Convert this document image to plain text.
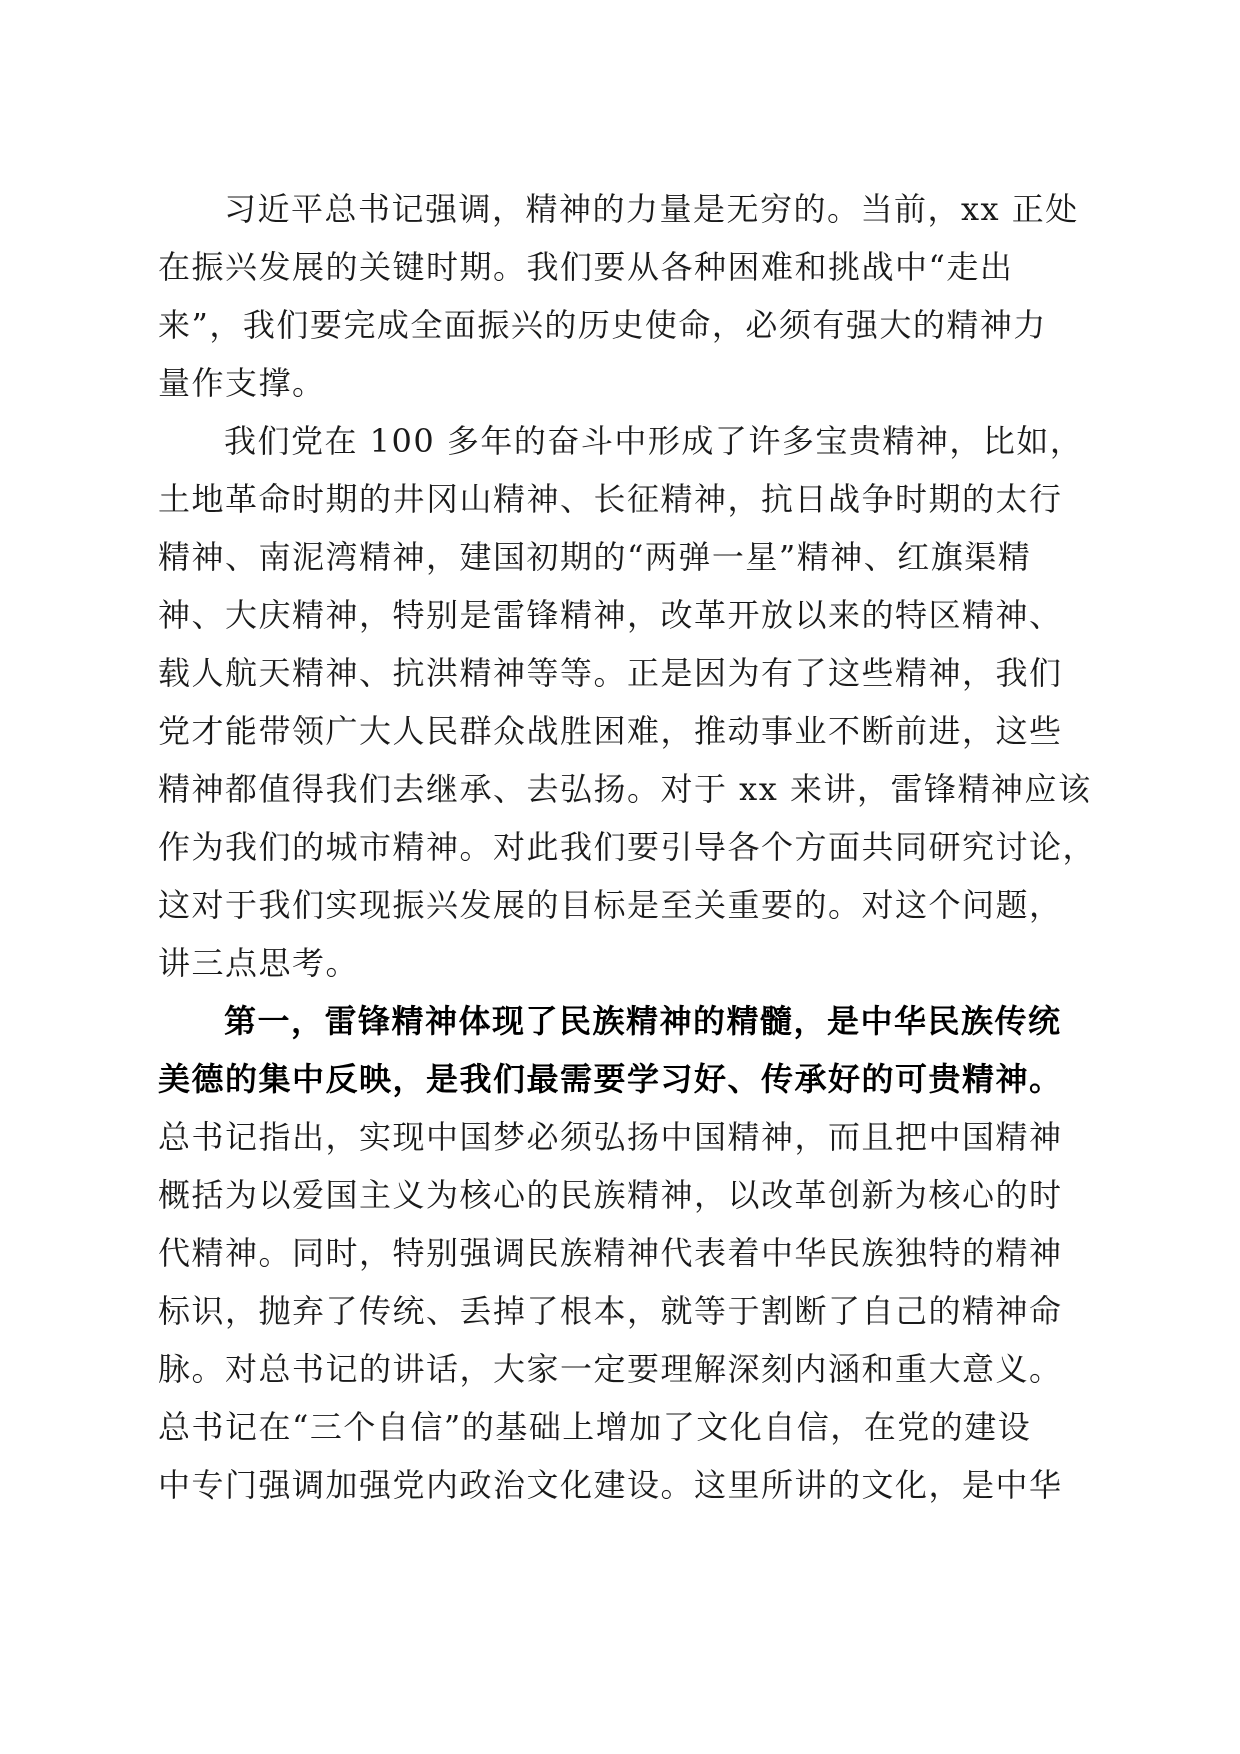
习近平总书记强调，精神的力量是无穷的。当前，xx 正处
在振兴发展的关键时期。我们要从各种困难和挑战中“走出
来”，我们要完成全面振兴的历史使命，必须有强大的精神力
量作支撑。
我们党在 100 多年的奋斗中形成了许多宝贵精神，比如，
土地革命时期的井冈山精神、长征精神，抗日战争时期的太行
精神、南泥湾精神，建国初期的“两弹一星”精神、红旗渠精
神、大庆精神，特别是雷锋精神，改革开放以来的特区精神、
载人航天精神、抗洪精神等等。正是因为有了这些精神，我们
党才能带领广大人民群众战胜困难，推动事业不断前进，这些
精神都值得我们去继承、去弘扬。对于 xx 来讲，雷锋精神应该
作为我们的城市精神。对此我们要引导各个方面共同研究讨论，
这对于我们实现振兴发展的目标是至关重要的。对这个问题，
讲三点思考。
第一，雷锋精神体现了民族精神的精髓，是中华民族传统
美德的集中反映，是我们最需要学习好、传承好的可贵精神。
总书记指出，实现中国梦必须弘扬中国精神，而且把中国精神
概括为以爱国主义为核心的民族精神，以改革创新为核心的时
代精神。同时，特别强调民族精神代表着中华民族独特的精神
标识，抛弃了传统、丢掉了根本，就等于割断了自己的精神命
脉。对总书记的讲话，大家一定要理解深刻内涵和重大意义。
总书记在“三个自信”的基础上增加了文化自信，在党的建设
中专门强调加强党内政治文化建设。这里所讲的文化，是中华
